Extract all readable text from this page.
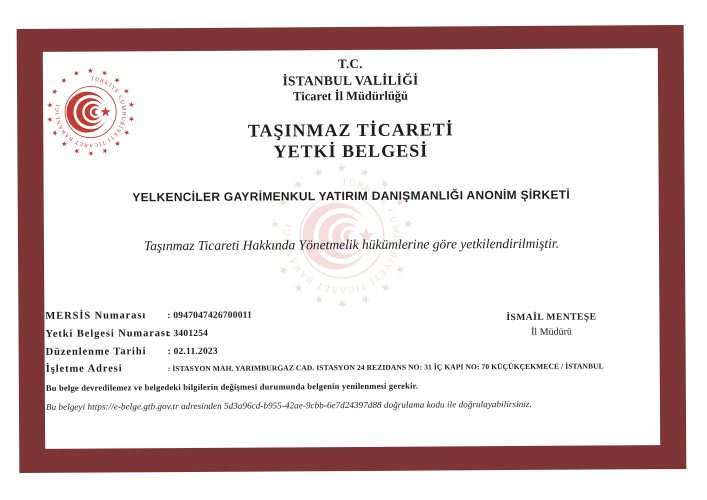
TÜRKİYE CUMHURİYETİ TİCARET BAKANLIĞI
T.C.
İSTANBUL VALİLİĞİ
Ticaret İl Müdürlüğü
TAŞINMAZ TİCARETİ
YETKİ BELGESİ
YELKENCİLER GAYRİMENKUL YATIRIM DANIŞMANLIĞI ANONİM ŞİRKETİ
Taşınmaz Ticareti Hakkında Yönetmelik hükümlerine göre yetkilendirilmiştir.
MERSİS Numarası	: 0947047426700011
Yetki Belgesi Numarası
: 3401254
Düzenlenme Tarihi	: 02.11.2023
İşletme Adresi	: İSTASYON MAH. YARIMBURGAZ CAD. ISTASYON 24 REZIDANS NO: 31 İÇ KAPI NO: 70 KÜÇÜKÇEKMECE / İSTANBUL
İSMAİL MENTEŞE
İl Müdürü
Bu belge devredilemez ve belgedeki bilgilerin değişmesi durumunda belgenin yenilenmesi gerekir.
Bu belgeyi https://e-belge.gtb.gov.tr adresinden 5d3a96cd-b955-42ae-9cbb-6e7d24397d88 doğrulama kodu ile doğrulayabilirsiniz.
